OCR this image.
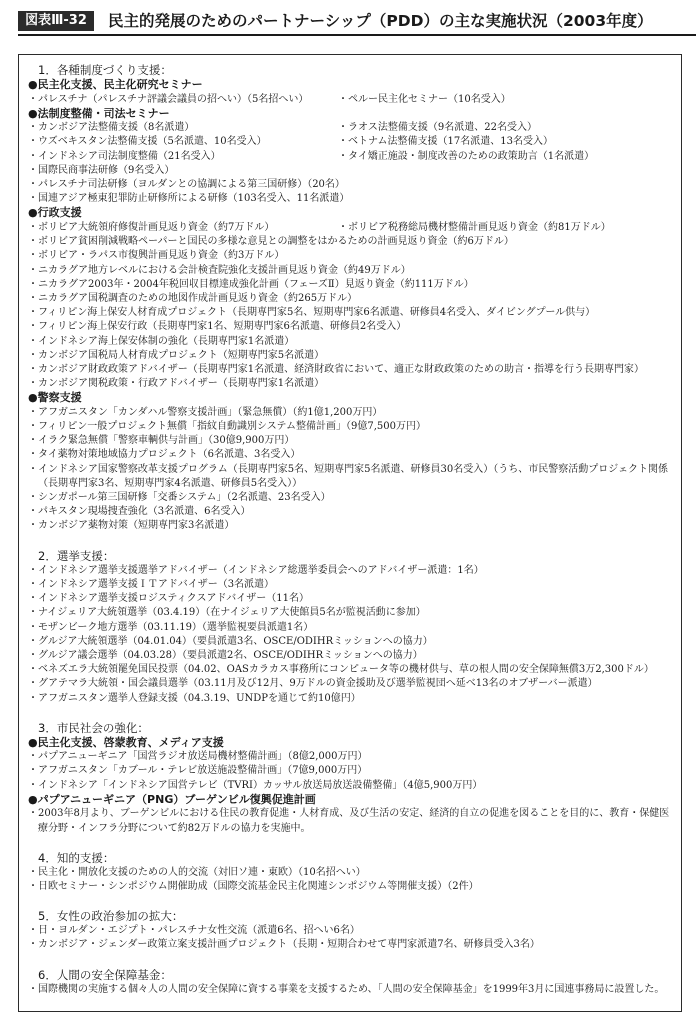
図表Ⅲ-32	民主的発展のためのパートナーシップ（PDD）の主な実施状況（2003年度）
1．各種制度づくり支援：
●民主化支援、民主化研究セミナー
・パレスチナ（パレスチナ評議会議員の招へい）（5名招へい）	・ペルー民主化セミナー（10名受入）
●法制度整備・司法セミナー
・カンボジア法整備支援（8名派遣）	・ラオス法整備支援（9名派遣、22名受入）
・ウズベキスタン法整備支援（5名派遣、10名受入）	・ベトナム法整備支援（17名派遣、13名受入）
・インドネシア司法制度整備（21名受入）	・タイ矯正施設・制度改善のための政策助言（1名派遣）
・国際民商事法研修（9名受入）
・パレスチナ司法研修（ヨルダンとの協調による第三国研修）（20名）
・国連アジア極東犯罪防止研修所による研修（103名受入、11名派遣）
●行政支援
・ボリビア大統領府修復計画見返り資金（約7万ドル）	・ボリビア税務総局機材整備計画見返り資金（約81万ドル）
・ボリビア貧困削減戦略ペーパーと国民の多様な意見との調整をはかるための計画見返り資金（約6万ドル）
・ボリビア・ラパス市復興計画見返り資金（約3万ドル）
・ニカラグア地方レベルにおける会計検査院強化支援計画見返り資金（約49万ドル）
・ニカラグア2003年・2004年税回収目標達成強化計画（フェーズⅡ）見返り資金（約111万ドル）
・ニカラグア国税調査のための地図作成計画見返り資金（約265万ドル）
・フィリピン海上保安人材育成プロジェクト（長期専門家5名、短期専門家6名派遣、研修員4名受入、ダイビングプール供与）
・フィリピン海上保安行政（長期専門家1名、短期専門家6名派遣、研修員2名受入）
・インドネシア海上保安体制の強化（長期専門家1名派遣）
・カンボジア国税局人材育成プロジェクト（短期専門家5名派遣）
・カンボジア財政政策アドバイザー（長期専門家1名派遣、経済財政省において、適正な財政政策のための助言・指導を行う長期専門家）
・カンボジア関税政策・行政アドバイザー（長期専門家1名派遣）
●警察支援
・アフガニスタン「カンダハル警察支援計画」（緊急無償）（約1億1,200万円）
・フィリピン一般プロジェクト無償「指紋自動識別システム整備計画」（9億7,500万円）
・イラク緊急無償「警察車輌供与計画」（30億9,900万円）
・タイ薬物対策地域協力プロジェクト（6名派遣、3名受入）
・インドネシア国家警察改革支援プログラム（長期専門家5名、短期専門家5名派遣、研修員30名受入）（うち、市民警察活動プロジェクト関係（長期専門家3名、短期専門家4名派遣、研修員5名受入））
・シンガポール第三国研修「交番システム」（2名派遣、23名受入）
・パキスタン現場捜査強化（3名派遣、6名受入）
・カンボジア薬物対策（短期専門家3名派遣）
2．選挙支援：
・インドネシア選挙支援選挙アドバイザー（インドネシア総選挙委員会へのアドバイザー派遣：1名）
・インドネシア選挙支援ＩＴアドバイザー（3名派遣）
・インドネシア選挙支援ロジスティクスアドバイザー（11名）
・ナイジェリア大統領選挙（03.4.19）（在ナイジェリア大使館員5名が監視活動に参加）
・モザンビーク地方選挙（03.11.19）（選挙監視要員派遣1名）
・グルジア大統領選挙（04.01.04）（要員派遣3名、OSCE/ODIHRミッションへの協力）
・グルジア議会選挙（04.03.28）（要員派遣2名、OSCE/ODIHRミッションへの協力）
・ベネズエラ大統領罷免国民投票（04.02、OASカラカス事務所にコンピュータ等の機材供与、草の根人間の安全保障無償3万2,300ドル）
・グアテマラ大統領・国会議員選挙（03.11月及び12月、9万ドルの資金援助及び選挙監視団へ延べ13名のオブザーバー派遣）
・アフガニスタン選挙人登録支援（04.3.19、UNDPを通じて約10億円）
3．市民社会の強化：
●民主化支援、啓蒙教育、メディア支援
・パプアニューギニア「国営ラジオ放送局機材整備計画」（8億2,000万円）
・アフガニスタン「カブール・テレビ放送施設整備計画」（7億9,000万円）
・インドネシア「インドネシア国営テレビ（TVRI）カッサル放送局放送設備整備」（4億5,900万円）
●パプアニューギニア（PNG）ブーゲンビル復興促進計画
・2003年8月より、ブーゲンビルにおける住民の教育促進・人材育成、及び生活の安定、経済的自立の促進を図ることを目的に、教育・保健医療分野・インフラ分野について約82万ドルの協力を実施中。
4．知的支援：
・民主化・開放化支援のための人的交流（対旧ソ連・東欧）（10名招へい）
・日欧セミナー・シンポジウム開催助成（国際交流基金民主化関連シンポジウム等開催支援）（2件）
5．女性の政治参加の拡大：
・日・ヨルダン・エジプト・パレスチナ女性交流（派遣6名、招へい6名）
・カンボジア・ジェンダー政策立案支援計画プロジェクト（長期・短期合わせて専門家派遣7名、研修員受入3名）
6．人間の安全保障基金：
・国際機関の実施する個々人の人間の安全保障に資する事業を支援するため、「人間の安全保障基金」を1999年3月に国連事務局に設置した。
